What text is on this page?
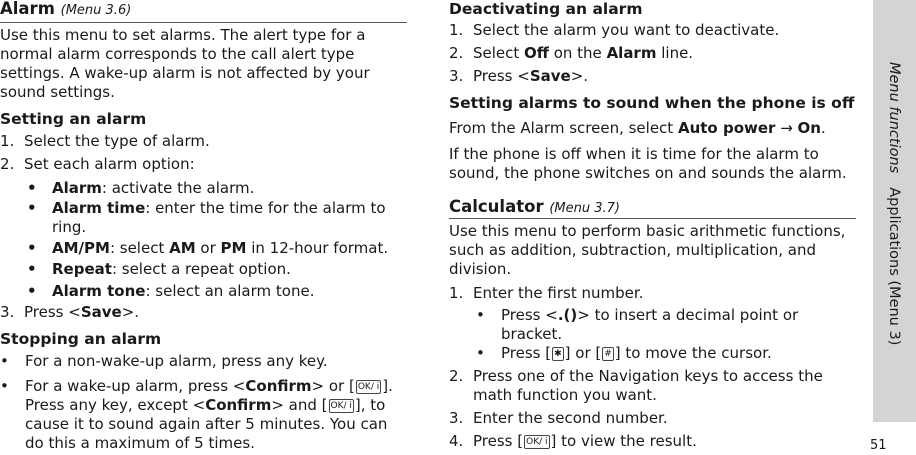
Alarm (Menu 3.6)

Use this menu to set alarms. The alert type for a normal alarm corresponds to the call alert type settings. A wake-up alarm is not affected by your sound settings.

Setting an alarm
1. Select the type of alarm.
2. Set each alarm option:
• Alarm: activate the alarm.
• Alarm time: enter the time for the alarm to ring.
• AM/PM: select AM or PM in 12-hour format.
• Repeat: select a repeat option.
• Alarm tone: select an alarm tone.
3. Press <Save>.
Stopping an alarm
• For a non-wake-up alarm, press any key.
• For a wake-up alarm, press <Confirm> or [ OK/ i ]. Press any key, except <Confirm> and [ OK/ i ], to cause it to sound again after 5 minutes. You can do this a maximum of 5 times.
Deactivating an alarm
1. Select the alarm you want to deactivate.
2. Select Off on the Alarm line.
3. Press <Save>.
Setting alarms to sound when the phone is off

From the Alarm screen, select Auto power → On.

If the phone is off when it is time for the alarm to sound, the phone switches on and sounds the alarm.

Calculator (Menu 3.7)

Use this menu to perform basic arithmetic functions, such as addition, subtraction, multiplication, and division.

1. Enter the first number.
• Press <.()> to insert a decimal point or bracket.
• Press [ ✱ ] or [ # ] to move the cursor.
2. Press one of the Navigation keys to access the math function you want.
3. Enter the second number.
4. Press [ OK/ i ] to view the result.
Menu functions
Applications (Menu 3)
51
